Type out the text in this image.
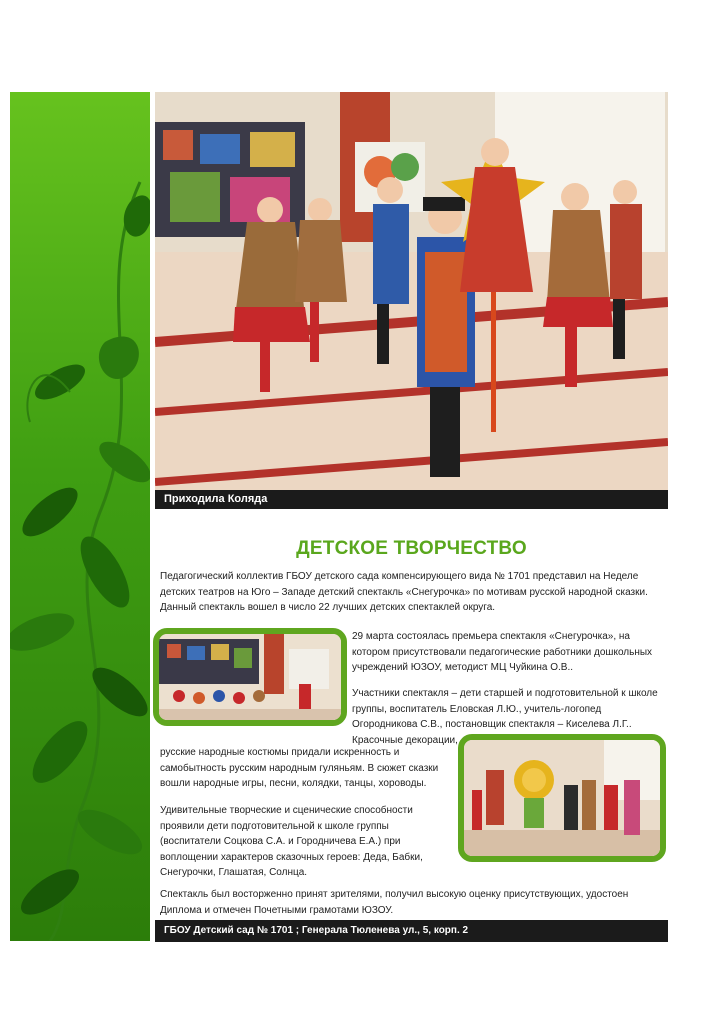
Приходила Коляда
ДЕТСКОЕ ТВОРЧЕСТВО
Педагогический коллектив ГБОУ детского сада компенсирующего вида № 1701 представил на Неделе детских театров на Юго – Западе детский спектакль «Снегурочка» по мотивам русской народной сказки. Данный спектакль вошел в число 22 лучших детских спектаклей округа.
29 марта состоялась премьера спектакля «Снегурочка», на котором присутствовали педагогические работники дошкольных учреждений ЮЗОУ, методист МЦ Чуйкина О.В..
Участники спектакля – дети старшей и подготовительной к школе группы, воспитатель Еловская Л.Ю., учитель-логопед Огородникова С.В., постановщик спектакля – Киселева Л.Г.. Красочные декорации,
русские народные костюмы придали искренность и самобытность русским народным гуляньям. В сюжет сказки вошли народные игры, песни, колядки, танцы, хороводы.
Удивительные творческие и сценические способности проявили дети подготовительной к школе группы (воспитатели Соцкова С.А. и Городничева Е.А.) при воплощении характеров сказочных героев: Деда, Бабки, Снегурочки, Глашатая, Солнца.
Спектакль был восторженно принят зрителями, получил высокую оценку присутствующих, удостоен Диплома и отмечен Почетными грамотами ЮЗОУ.
ГБОУ Детский сад № 1701 ; Генерала Тюленева ул., 5, корп. 2
